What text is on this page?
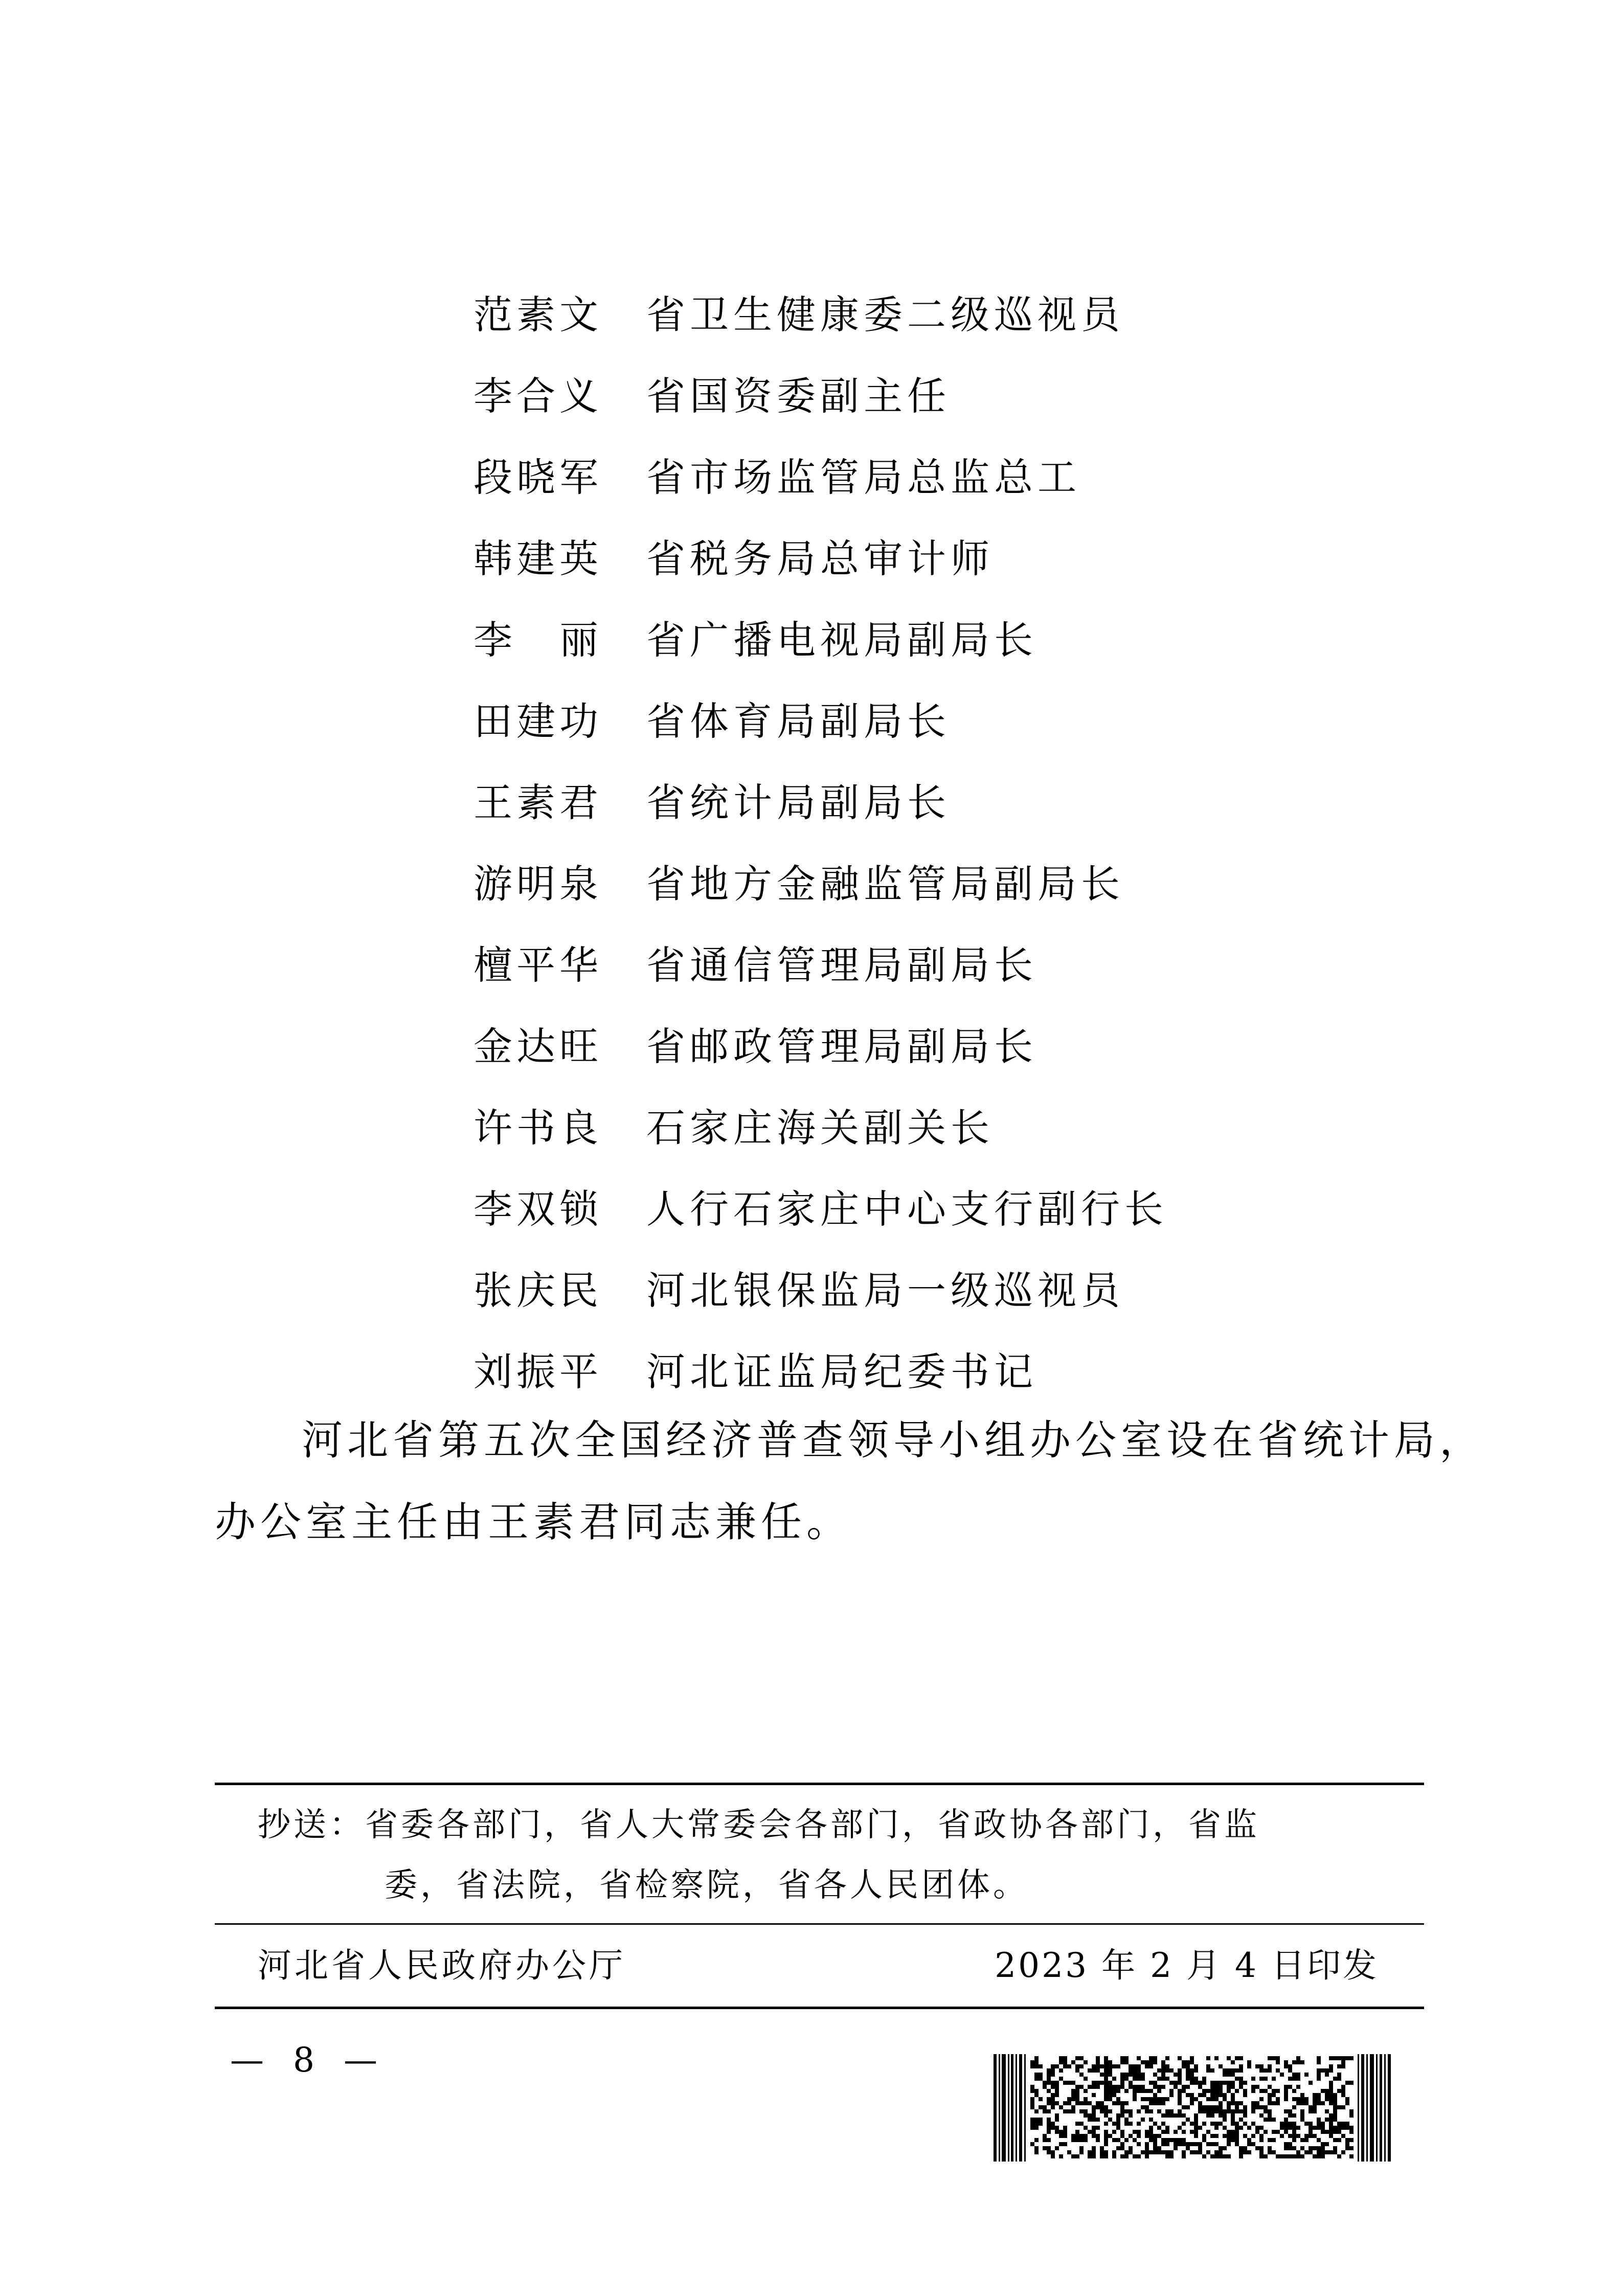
范 素 文 省卫生健康委二级巡视员
李 合 义 省国资委副主任
段 晓 军 省市场监管局总监总工
韩 建 英 省税务局总审计师
李 丽 省广播电视局副局长
田 建 功 省体育局副局长
王 素 君 省统计局副局长
游 明 泉 省地方金融监管局副局长
檀 平 华 省通信管理局副局长
金 达 旺 省邮政管理局副局长
许 书 良 石家庄海关副关长
李 双 锁 人行石家庄中心支行副行长
张 庆 民 河北银保监局一级巡视员
刘 振 平 河北证监局纪委书记
河北省第五次全国经济普查领导小组办公室设在省统计局，
办公室主任由王素君同志兼任。
抄送：省委各部门，省人大常委会各部门，省政协各部门，省监
委，省法院，省检察院，省各人民团体。
河北省人民政府办公厅	2023 年 2 月 4 日印发
— 8 —
